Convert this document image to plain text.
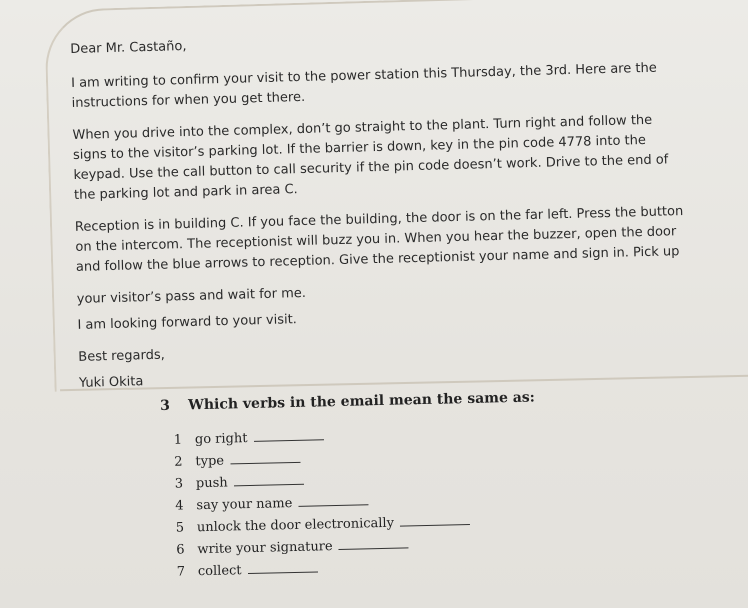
Dear Mr. Castaño,

I am writing to confirm your visit to the power station this Thursday, the 3rd. Here are the instructions for when you get there.

When you drive into the complex, don’t go straight to the plant. Turn right and follow the signs to the visitor’s parking lot. If the barrier is down, key in the pin code 4778 into the keypad. Use the call button to call security if the pin code doesn’t work. Drive to the end of the parking lot and park in area C.

Reception is in building C. If you face the building, the door is on the far left. Press the button on the intercom. The receptionist will buzz you in. When you hear the buzzer, open the door and follow the blue arrows to reception. Give the receptionist your name and sign in. Pick up

your visitor’s pass and wait for me.

I am looking forward to your visit.

Best regards,

Yuki Okita

3 Which verbs in the email mean the same as:

1 go right
2 type
3 push
4 say your name
5 unlock the door electronically
6 write your signature
7 collect
